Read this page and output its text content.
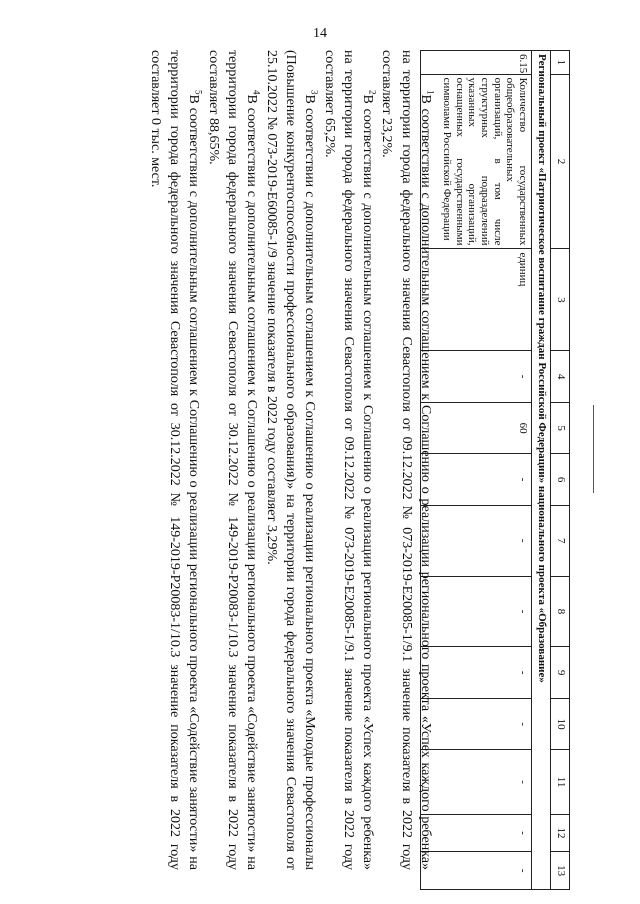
14
1	2	3	4	5	6	7	8	9	10	11	12	13
Региональный проект «Патриотическое воспитание граждан Российской Федерации» национального проекта «Образование»												
6.15	Количество государственных общеобразовательных организаций, в том числе структурных подразделений указанных организаций, оснащенных государственными символами Российской Федерации	единиц	-	60	-	-	-	-	-	-	-	-

$^1$В соответствии с дополнительным соглашением к Соглашению о реализации регионального проекта «Успех каждого ребенка» на территории города федерального значения Севастополя от 09.12.2022 № 073-2019-Е20085-1/9.1 значение показателя в 2022 году составляет 23,2%.

$^2$В соответствии с дополнительным соглашением к Соглашению о реализации регионального проекта «Успех каждого ребенка» на территории города федерального значения Севастополя от 09.12.2022 № 073-2019-Е20085-1/9.1 значение показателя в 2022 году составляет 65,2%.

$^3$В соответствии с дополнительным соглашением к Соглашению о реализации регионального проекта «Молодые профессионалы (Повышение конкурентоспособности профессионального образования)» на территории города федерального значения Севастополя от 25.10.2022 № 073-2019-Е60085-1/9 значение показателя в 2022 году составляет 3,29%.

$^4$В соответствии с дополнительным соглашением к Соглашению о реализации регионального проекта «Содействие занятости» на территории города федерального значения Севастополя от 30.12.2022 № 149-2019-Р20083-1/10.3 значение показателя в 2022 году составляет 88,65%.

$^5$В соответствии с дополнительным соглашением к Соглашению о реализации регионального проекта «Содействие занятости» на территории города федерального значения Севастополя от 30.12.2022 № 149-2019-Р20083-1/10.3 значение показателя в 2022 году составляет 0 тыс. мест.
